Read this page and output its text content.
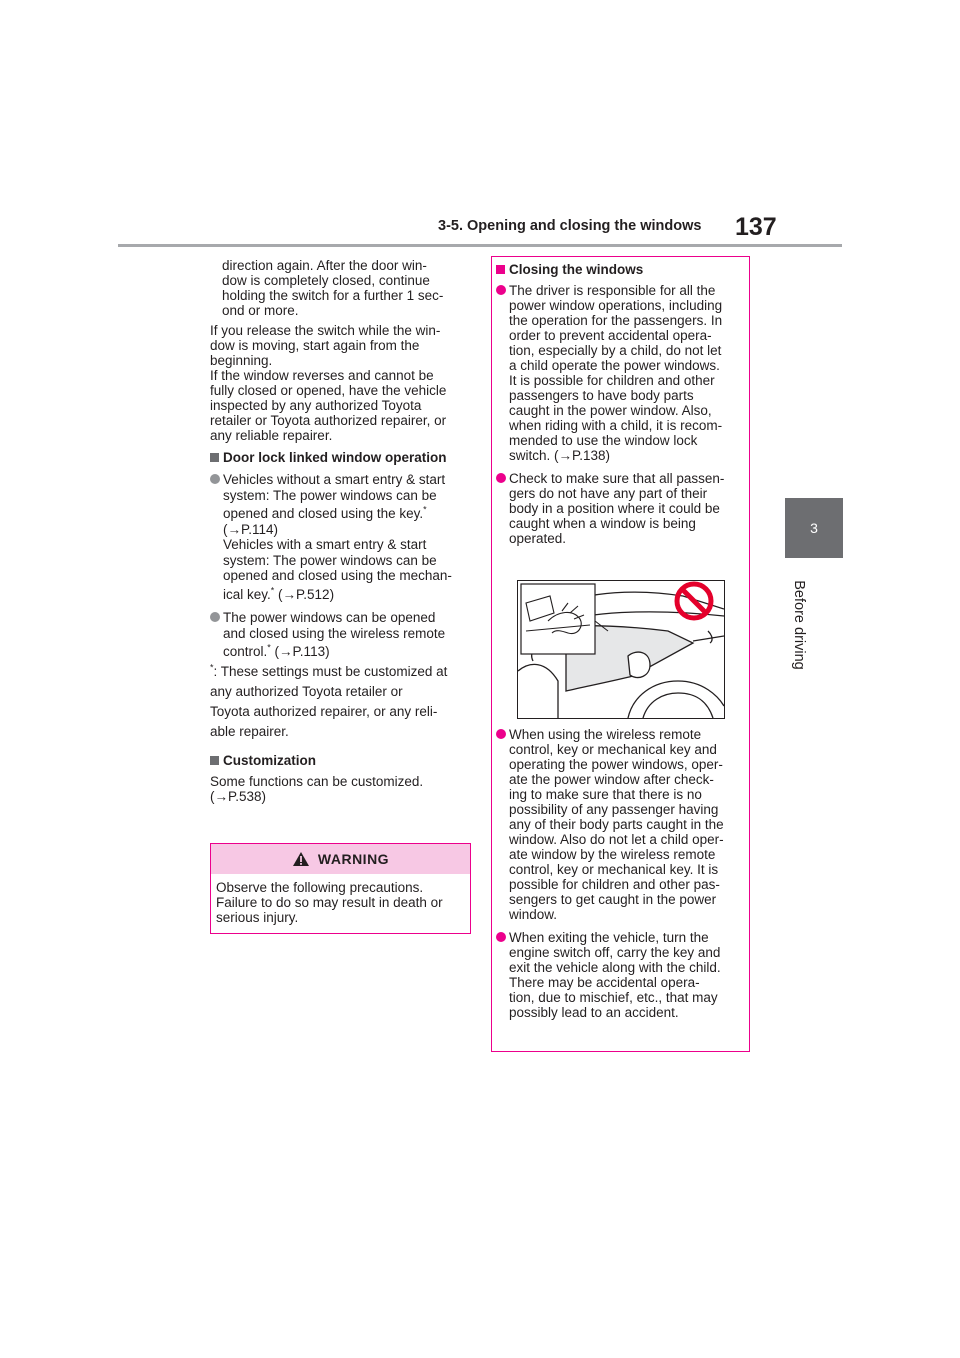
3-5. Opening and closing the windows 137
3
Before driving

direction again. After the door win-

dow is completely closed, continue

holding the switch for a further 1 sec-

ond or more.

If you release the switch while the win-

dow is moving, start again from the

beginning.

If the window reverses and cannot be

fully closed or opened, have the vehicle

inspected by any authorized Toyota

retailer or Toyota authorized repairer, or

any reliable repairer.

Door lock linked window operation

Vehicles without a smart entry & start

system: The power windows can be

opened and closed using the key.*

(→P.114)

Vehicles with a smart entry & start

system: The power windows can be

opened and closed using the mechan-

ical key.* (→P.512)

The power windows can be opened

and closed using the wireless remote

control.* (→P.113)

*: These settings must be customized at

any authorized Toyota retailer or

Toyota authorized repairer, or any reli-

able repairer.

Customization

Some functions can be customized.

(→P.538)

WARNING

Observe the following precautions.

Failure to do so may result in death or

serious injury.

Closing the windows

The driver is responsible for all the

power window operations, including

the operation for the passengers. In

order to prevent accidental opera-

tion, especially by a child, do not let

a child operate the power windows.

It is possible for children and other

passengers to have body parts

caught in the power window. Also,

when riding with a child, it is recom-

mended to use the window lock

switch. (→P.138)

Check to make sure that all passen-

gers do not have any part of their

body in a position where it could be

caught when a window is being

operated.

When using the wireless remote

control, key or mechanical key and

operating the power windows, oper-

ate the power window after check-

ing to make sure that there is no

possibility of any passenger having

any of their body parts caught in the

window. Also do not let a child oper-

ate window by the wireless remote

control, key or mechanical key. It is

possible for children and other pas-

sengers to get caught in the power

window.

When exiting the vehicle, turn the

engine switch off, carry the key and

exit the vehicle along with the child.

There may be accidental opera-

tion, due to mischief, etc., that may

possibly lead to an accident.
